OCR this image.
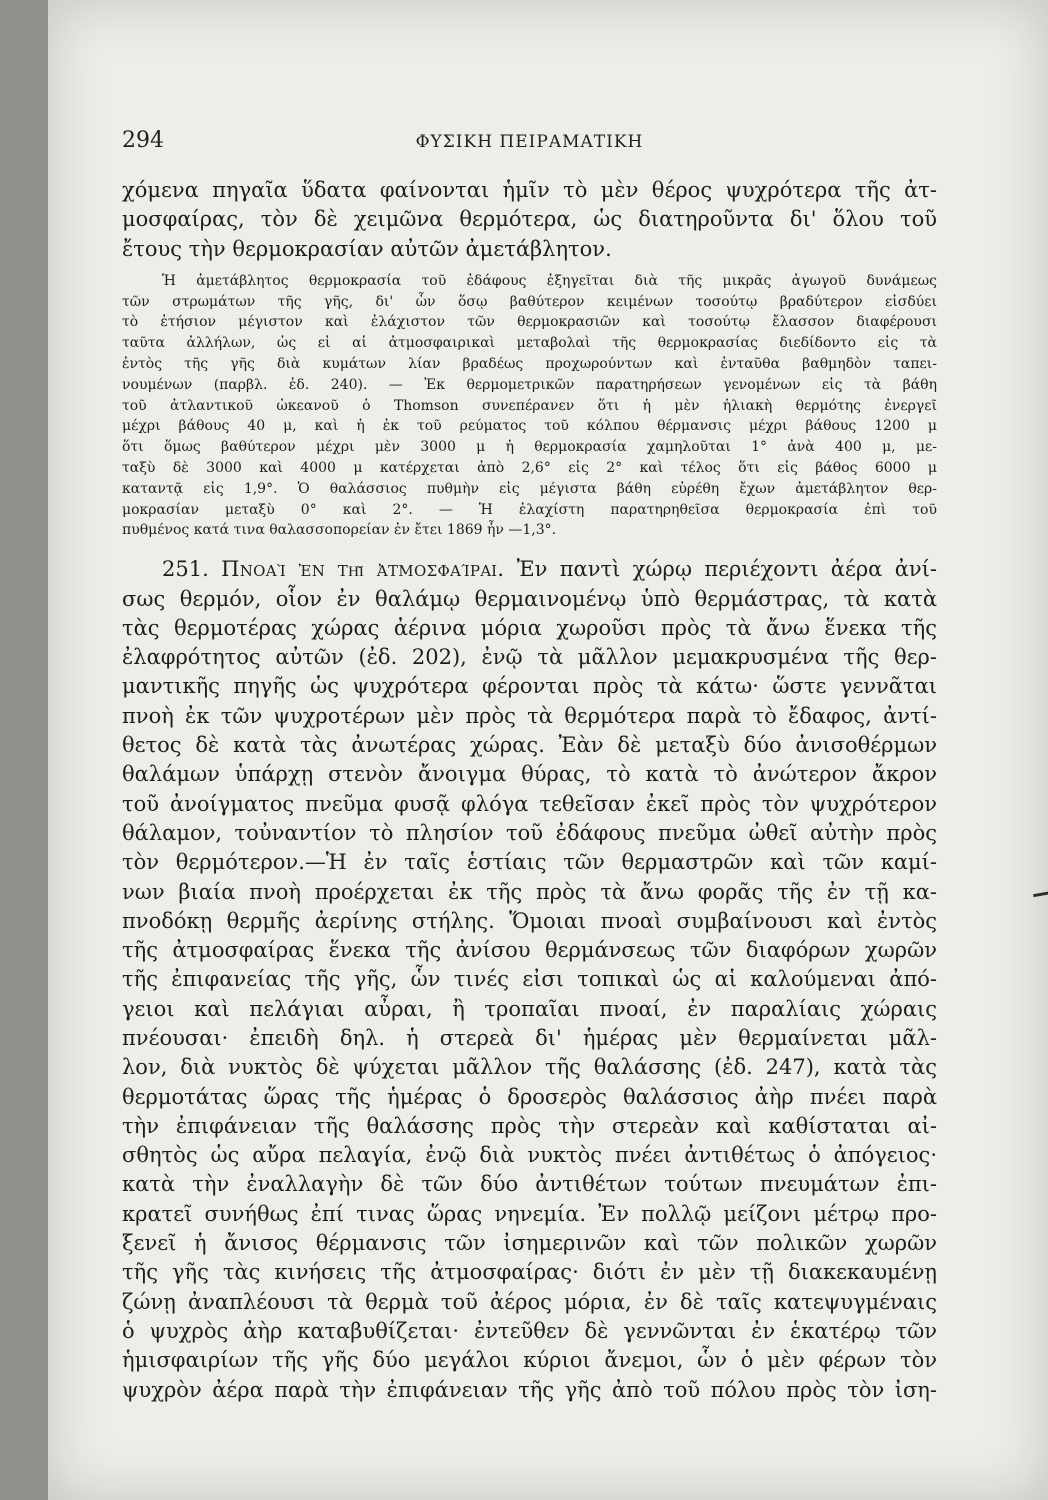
294	ΦΥΣΙΚΗ ΠΕΙΡΑΜΑΤΙΚΗ
χόμενα πηγαῖα ὕδατα φαίνονται ἡμῖν τὸ μὲν θέρος ψυχρότερα τῆς ἀτ-
μοσφαίρας, τὸν δὲ χειμῶνα θερμότερα, ὡς διατηροῦντα δι' ὅλου τοῦ
ἔτους τὴν θερμοκρασίαν αὐτῶν ἀμετάβλητον.
Ἡ ἀμετάβλητος θερμοκρασία τοῦ ἐδάφους ἐξηγεῖται διὰ τῆς μικρᾶς ἀγωγοῦ δυνάμεως
τῶν στρωμάτων τῆς γῆς, δι' ὧν ὅσῳ βαθύτερον κειμένων τοσούτῳ βραδύτερον εἰσδύει
τὸ ἐτήσιον μέγιστον καὶ ἐλάχιστον τῶν θερμοκρασιῶν καὶ τοσούτῳ ἔλασσον διαφέρουσι
ταῦτα ἀλλήλων, ὡς εἰ αἱ ἀτμοσφαιρικαὶ μεταβολαὶ τῆς θερμοκρασίας διεδίδοντο εἰς τὰ
ἐντὸς τῆς γῆς διὰ κυμάτων λίαν βραδέως προχωρούντων καὶ ἐνταῦθα βαθμηδὸν ταπει-
νουμένων (παρβλ. ἐδ. 240). — Ἐκ θερμομετρικῶν παρατηρήσεων γενομένων εἰς τὰ βάθη
τοῦ ἀτλαντικοῦ ὠκεανοῦ ὁ Thomson συνεπέρανεν ὅτι ἡ μὲν ἡλιακὴ θερμότης ἐνεργεῖ
μέχρι βάθους 40 μ, καὶ ἡ ἐκ τοῦ ρεύματος τοῦ κόλπου θέρμανσις μέχρι βάθους 1200 μ
ὅτι ὅμως βαθύτερον μέχρι μὲν 3000 μ ἡ θερμοκρασία χαμηλοῦται 1° ἀνὰ 400 μ, με-
ταξὺ δὲ 3000 καὶ 4000 μ κατέρχεται ἀπὸ 2,6° εἰς 2° καὶ τέλος ὅτι εἰς βάθος 6000 μ
καταντᾷ εἰς 1,9°. Ὁ θαλάσσιος πυθμὴν εἰς μέγιστα βάθη εὑρέθη ἔχων ἀμετάβλητον θερ-
μοκρασίαν μεταξὺ 0° καὶ 2°. — Ἡ ἐλαχίστη παρατηρηθεῖσα θερμοκρασία ἐπὶ τοῦ
πυθμένος κατά τινα θαλασσοπορείαν ἐν ἔτει 1869 ἦν —1,3°.
251. Πνοαὶ ἐν τῇ ἀτμοσφαίρᾳ. Ἐν παντὶ χώρῳ περιέχοντι ἀέρα ἀνί-
σως θερμόν, οἷον ἐν θαλάμῳ θερμαινομένῳ ὑπὸ θερμάστρας, τὰ κατὰ
τὰς θερμοτέρας χώρας ἀέρινα μόρια χωροῦσι πρὸς τὰ ἄνω ἕνεκα τῆς
ἐλαφρότητος αὐτῶν (ἐδ. 202), ἐνῷ τὰ μᾶλλον μεμακρυσμένα τῆς θερ-
μαντικῆς πηγῆς ὡς ψυχρότερα φέρονται πρὸς τὰ κάτω· ὥστε γεννᾶται
πνοὴ ἐκ τῶν ψυχροτέρων μὲν πρὸς τὰ θερμότερα παρὰ τὸ ἔδαφος, ἀντί-
θετος δὲ κατὰ τὰς ἀνωτέρας χώρας. Ἐὰν δὲ μεταξὺ δύο ἀνισοθέρμων
θαλάμων ὑπάρχῃ στενὸν ἄνοιγμα θύρας, τὸ κατὰ τὸ ἀνώτερον ἄκρον
τοῦ ἀνοίγματος πνεῦμα φυσᾷ φλόγα τεθεῖσαν ἐκεῖ πρὸς τὸν ψυχρότερον
θάλαμον, τοὐναντίον τὸ πλησίον τοῦ ἐδάφους πνεῦμα ὠθεῖ αὐτὴν πρὸς
τὸν θερμότερον.—Ἡ ἐν ταῖς ἑστίαις τῶν θερμαστρῶν καὶ τῶν καμί-
νων βιαία πνοὴ προέρχεται ἐκ τῆς πρὸς τὰ ἄνω φορᾶς τῆς ἐν τῇ κα-
πνοδόκῃ θερμῆς ἀερίνης στήλης. Ὅμοιαι πνοαὶ συμβαίνουσι καὶ ἐντὸς
τῆς ἀτμοσφαίρας ἕνεκα τῆς ἀνίσου θερμάνσεως τῶν διαφόρων χωρῶν
τῆς ἐπιφανείας τῆς γῆς, ὧν τινές εἰσι τοπικαὶ ὡς αἱ καλούμεναι ἀπό-
γειοι καὶ πελάγιαι αὖραι, ἢ τροπαῖαι πνοαί, ἐν παραλίαις χώραις
πνέουσαι· ἐπειδὴ δηλ. ἡ στερεὰ δι' ἡμέρας μὲν θερμαίνεται μᾶλ-
λον, διὰ νυκτὸς δὲ ψύχεται μᾶλλον τῆς θαλάσσης (ἐδ. 247), κατὰ τὰς
θερμοτάτας ὥρας τῆς ἡμέρας ὁ δροσερὸς θαλάσσιος ἀὴρ πνέει παρὰ
τὴν ἐπιφάνειαν τῆς θαλάσσης πρὸς τὴν στερεὰν καὶ καθίσταται αἰ-
σθητὸς ὡς αὔρα πελαγία, ἐνῷ διὰ νυκτὸς πνέει ἀντιθέτως ὁ ἀπόγειος·
κατὰ τὴν ἐναλλαγὴν δὲ τῶν δύο ἀντιθέτων τούτων πνευμάτων ἐπι-
κρατεῖ συνήθως ἐπί τινας ὥρας νηνεμία. Ἐν πολλῷ μείζονι μέτρῳ προ-
ξενεῖ ἡ ἄνισος θέρμανσις τῶν ἰσημερινῶν καὶ τῶν πολικῶν χωρῶν
τῆς γῆς τὰς κινήσεις τῆς ἀτμοσφαίρας· διότι ἐν μὲν τῇ διακεκαυμένῃ
ζώνῃ ἀναπλέουσι τὰ θερμὰ τοῦ ἀέρος μόρια, ἐν δὲ ταῖς κατεψυγμέναις
ὁ ψυχρὸς ἀὴρ καταβυθίζεται· ἐντεῦθεν δὲ γεννῶνται ἐν ἑκατέρῳ τῶν
ἡμισφαιρίων τῆς γῆς δύο μεγάλοι κύριοι ἄνεμοι, ὧν ὁ μὲν φέρων τὸν
ψυχρὸν ἀέρα παρὰ τὴν ἐπιφάνειαν τῆς γῆς ἀπὸ τοῦ πόλου πρὸς τὸν ἰση-
